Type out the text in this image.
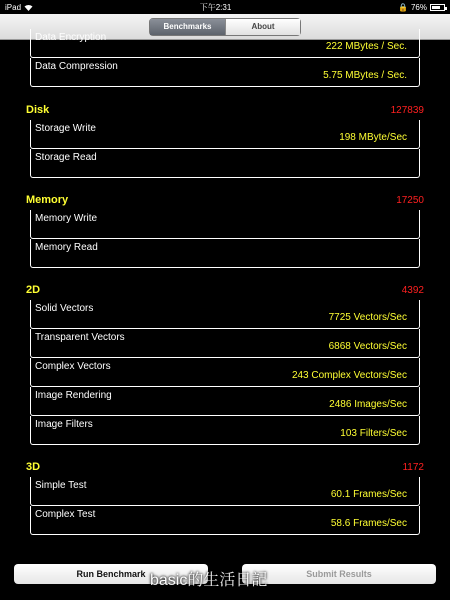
iPad	下午2:31	🔒 76%
Benchmarks	About
Data Encryption
222 MBytes / Sec.
Data Compression
5.75 MBytes / Sec.
Disk	127839
Storage Write
198 MByte/Sec
Storage Read
Memory	17250
Memory Write
Memory Read
2D	4392
Solid Vectors
7725 Vectors/Sec
Transparent Vectors
6868 Vectors/Sec
Complex Vectors
243 Complex Vectors/Sec
Image Rendering
2486 Images/Sec
Image Filters
103 Filters/Sec
3D	1172
Simple Test
60.1 Frames/Sec
Complex Test
58.6 Frames/Sec
Run Benchmark	Submit Results
basic的生活日記
